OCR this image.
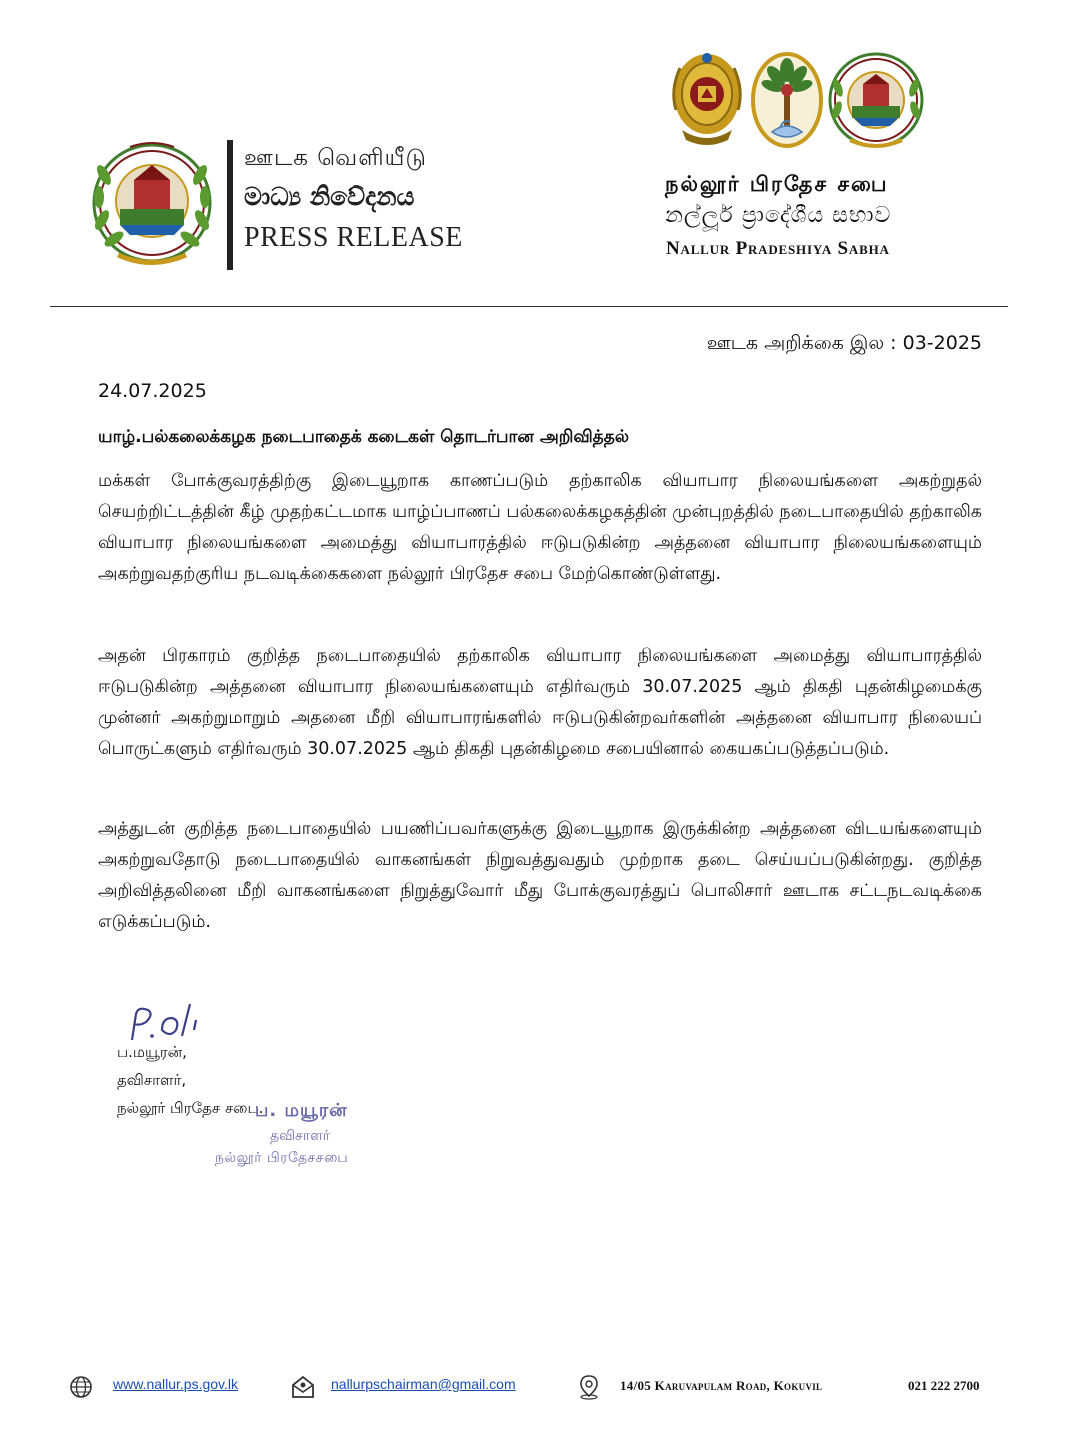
ஊடக வெளியீடு
මාධ්‍ය නිවේදනය
PRESS RELEASE
நல்லூர் பிரதேச சபை
නල්ලූර් ප්‍රාදේශීය සභාව
Nallur Pradeshiya Sabha
ஊடக அறிக்கை இல : 03-2025
24.07.2025
யாழ்.பல்கலைக்கழக நடைபாதைக் கடைகள் தொடர்பான அறிவித்தல்

மக்கள் போக்குவரத்திற்கு இடையூறாக காணப்படும் தற்காலிக வியாபார நிலையங்களை அகற்றுதல் செயற்றிட்டத்தின் கீழ் முதற்கட்டமாக யாழ்ப்பாணப் பல்கலைக்கழகத்தின் முன்புறத்தில் நடைபாதையில் தற்காலிக வியாபார நிலையங்களை அமைத்து வியாபாரத்தில் ஈடுபடுகின்ற அத்தனை வியாபார நிலையங்களையும் அகற்றுவதற்குரிய நடவடிக்கைகளை நல்லூர் பிரதேச சபை மேற்கொண்டுள்ளது.

அதன் பிரகாரம் குறித்த நடைபாதையில் தற்காலிக வியாபார நிலையங்களை அமைத்து வியாபாரத்தில் ஈடுபடுகின்ற அத்தனை வியாபார நிலையங்களையும் எதிர்வரும் 30.07.2025 ஆம் திகதி புதன்கிழமைக்கு முன்னர் அகற்றுமாறும் அதனை மீறி வியாபாரங்களில் ஈடுபடுகின்றவர்களின் அத்தனை வியாபார நிலையப் பொருட்களும் எதிர்வரும் 30.07.2025 ஆம் திகதி புதன்கிழமை சபையினால் கையகப்படுத்தப்படும்.

அத்துடன் குறித்த நடைபாதையில் பயணிப்பவர்களுக்கு இடையூறாக இருக்கின்ற அத்தனை விடயங்களையும் அகற்றுவதோடு நடைபாதையில் வாகனங்கள் நிறுவத்துவதும் முற்றாக தடை செய்யப்படுகின்றது. குறித்த அறிவித்தலினை மீறி வாகனங்களை நிறுத்துவோர் மீது போக்குவரத்துப் பொலிசார் ஊடாக சட்டநடவடிக்கை எடுக்கப்படும்.

ப.மயூரன்,
தவிசாளர்,
நல்லூர் பிரதேச சபை.
ப. மயூரன்
தவிசாளர்
நல்லூர் பிரதேசசபை
www.nallur.ps.gov.lk	nallurpschairman@gmail.com	14/05 Karuvapulam Road, Kokuvil	021 222 2700
